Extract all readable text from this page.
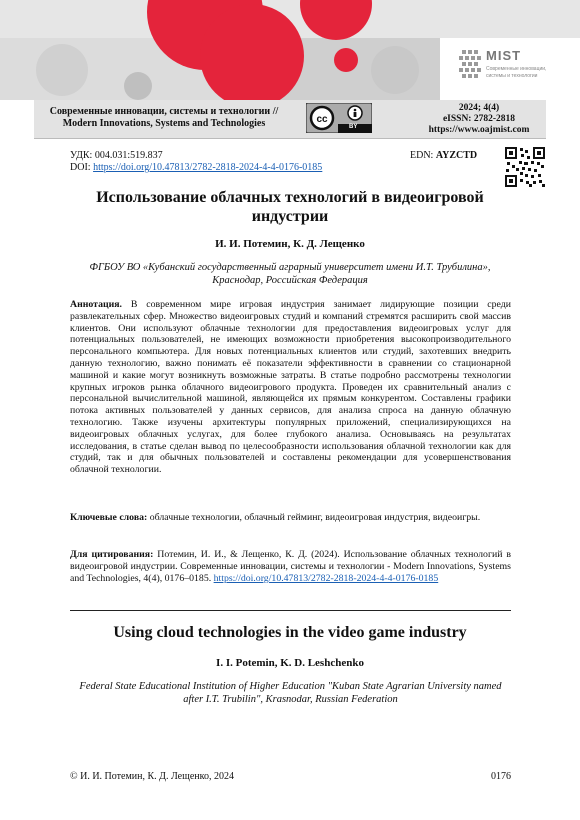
MIST
Современные инновации,
системы и технологии
Современные инновации, системы и технологии //
Modern Innovations, Systems and Technologies	cc
BY
2024; 4(4)
eISSN: 2782-2818
https://www.oajmist.com
УДК: 004.031:519.837
DOI: https://doi.org/10.47813/2782-2818-2024-4-4-0176-0185
EDN: AYZCTD
Использование облачных технологий в видеоигровой индустрии
И. И. Потемин, К. Д. Лещенко
ФГБОУ ВО «Кубанский государственный аграрный университет имени И.Т. Трубилина», Краснодар, Российская Федерация
Аннотация. В современном мире игровая индустрия занимает лидирующие позиции среди развлекательных сфер. Множество видеоигровых студий и компаний стремятся расширить свой массив клиентов. Они используют облачные технологии для предоставления видеоигровых услуг для потенциальных пользователей, не имеющих возможности приобретения высокопроизводительного персонального компьютера. Для новых потенциальных клиентов или студий, захотевших внедрить данную технологию, важно понимать её показатели эффективности в сравнении со стационарной машиной и какие могут возникнуть возможные затраты. В статье подробно рассмотрены технологии крупных игроков рынка облачного видеоигрового продукта. Проведен их сравнительный анализ с персональной вычислительной машиной, являющейся их прямым конкурентом. Составлены графики потока активных пользователей у данных сервисов, для анализа спроса на данную облачную технологию. Также изучены архитектуры популярных приложений, специализирующихся на видеоигровых облачных услугах, для более глубокого анализа. Основываясь на результатах исследования, в статье сделан вывод по целесообразности использования облачной технологии как для студий, так и для обычных пользователей и составлены рекомендации для усовершенствования облачной технологии.
Ключевые слова: облачные технологии, облачный гейминг, видеоигровая индустрия, видеоигры.
Для цитирования: Потемин, И. И., & Лещенко, К. Д. (2024). Использование облачных технологий в видеоигровой индустрии. Современные инновации, системы и технологии - Modern Innovations, Systems and Technologies, 4(4), 0176–0185. https://doi.org/10.47813/2782-2818-2024-4-4-0176-0185
Using cloud technologies in the video game industry
I. I. Potemin, K. D. Leshchenko
Federal State Educational Institution of Higher Education "Kuban State Agrarian University named after I.T. Trubilin", Krasnodar, Russian Federation
© И. И. Потемин, К. Д. Лещенко, 2024	0176
